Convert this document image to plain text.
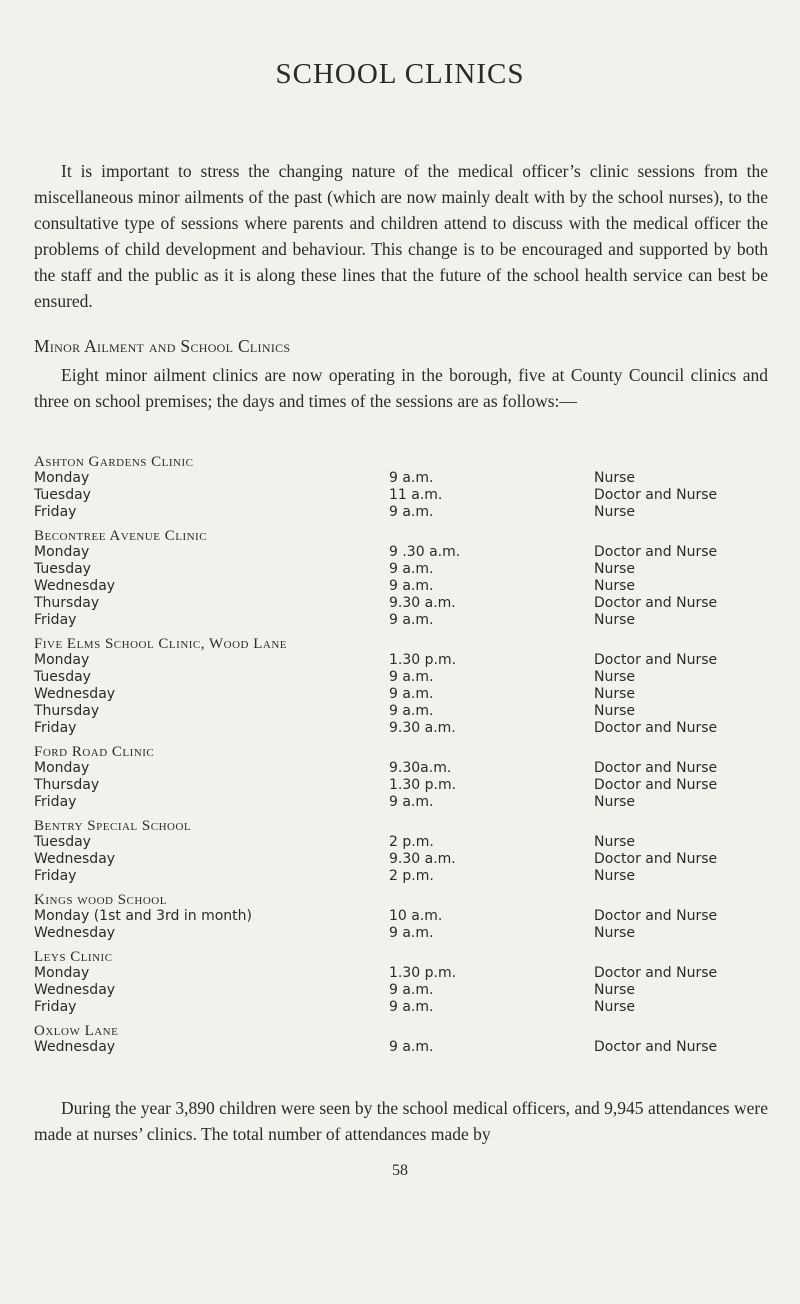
SCHOOL CLINICS

It is important to stress the changing nature of the medical officer’s clinic sessions from the miscellaneous minor ailments of the past (which are now mainly dealt with by the school nurses), to the consultative type of sessions where parents and children attend to discuss with the medical officer the problems of child development and behaviour. This change is to be encouraged and supported by both the staff and the public as it is along these lines that the future of the school health service can best be ensured.

Minor Ailment and School Clinics

Eight minor ailment clinics are now operating in the borough, five at County Council clinics and three on school premises; the days and times of the sessions are as follows:—

Ashton Gardens Clinic
Monday	9 a.m.	Nurse
Tuesday	11 a.m.	Doctor and Nurse
Friday	9 a.m.	Nurse
Becontree Avenue Clinic
Monday	9 .30 a.m.	Doctor and Nurse
Tuesday	9 a.m.	Nurse
Wednesday	9 a.m.	Nurse
Thursday	9.30 a.m.	Doctor and Nurse
Friday	9 a.m.	Nurse
Five Elms School Clinic, Wood Lane
Monday	1.30 p.m.	Doctor and Nurse
Tuesday	9 a.m.	Nurse
Wednesday	9 a.m.	Nurse
Thursday	9 a.m.	Nurse
Friday	9.30 a.m.	Doctor and Nurse
Ford Road Clinic
Monday	9.30a.m.	Doctor and Nurse
Thursday	1.30 p.m.	Doctor and Nurse
Friday	9 a.m.	Nurse
Bentry Special School
Tuesday	2 p.m.	Nurse
Wednesday	9.30 a.m.	Doctor and Nurse
Friday	2 p.m.	Nurse
Kings wood School
Monday (1st and 3rd in month)	10 a.m.	Doctor and Nurse
Wednesday	9 a.m.	Nurse
Leys Clinic
Monday	1.30 p.m.	Doctor and Nurse
Wednesday	9 a.m.	Nurse
Friday	9 a.m.	Nurse
Oxlow Lane
Wednesday	9 a.m.	Doctor and Nurse

During the year 3,890 children were seen by the school medical officers, and 9,945 attendances were made at nurses’ clinics. The total number of attendances made by

58
